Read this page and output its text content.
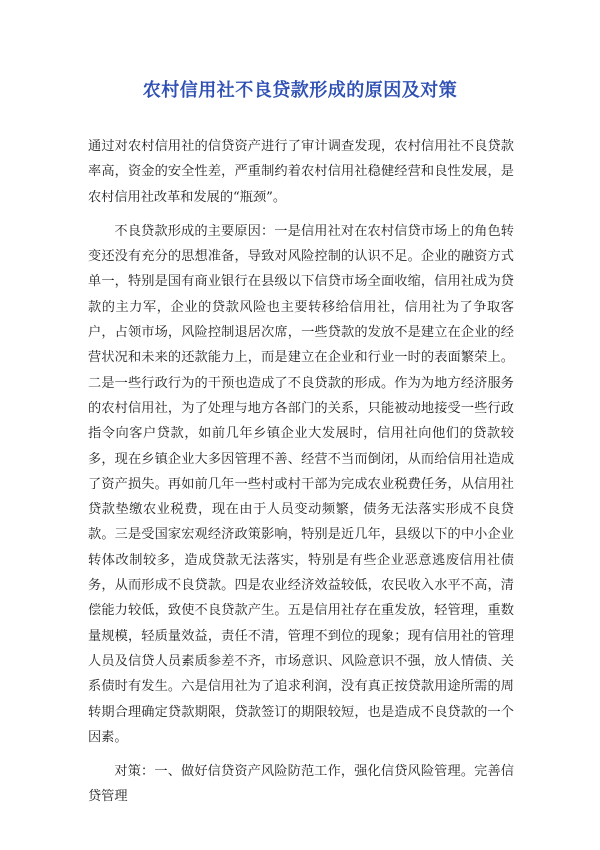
农村信用社不良贷款形成的原因及对策

通过对农村信用社的信贷资产进行了审计调查发现，农村信用社不良贷款率高，资金的安全性差，严重制约着农村信用社稳健经营和良性发展，是农村信用社改革和发展的“瓶颈”。

不良贷款形成的主要原因：一是信用社对在农村信贷市场上的角色转变还没有充分的思想准备，导致对风险控制的认识不足。企业的融资方式单一，特别是国有商业银行在县级以下信贷市场全面收缩，信用社成为贷款的主力军，企业的贷款风险也主要转移给信用社，信用社为了争取客户，占领市场，风险控制退居次席，一些贷款的发放不是建立在企业的经营状况和未来的还款能力上，而是建立在企业和行业一时的表面繁荣上。二是一些行政行为的干预也造成了不良贷款的形成。作为为地方经济服务的农村信用社，为了处理与地方各部门的关系，只能被动地接受一些行政指令向客户贷款，如前几年乡镇企业大发展时，信用社向他们的贷款较多，现在乡镇企业大多因管理不善、经营不当而倒闭，从而给信用社造成了资产损失。再如前几年一些村或村干部为完成农业税费任务，从信用社贷款垫缴农业税费，现在由于人员变动频繁，债务无法落实形成不良贷款。三是受国家宏观经济政策影响，特别是近几年，县级以下的中小企业转体改制较多，造成贷款无法落实，特别是有些企业恶意逃废信用社债务，从而形成不良贷款。四是农业经济效益较低，农民收入水平不高，清偿能力较低，致使不良贷款产生。五是信用社存在重发放，轻管理，重数量规模，轻质量效益，责任不清，管理不到位的现象；现有信用社的管理人员及信贷人员素质参差不齐，市场意识、风险意识不强，放人情债、关系债时有发生。六是信用社为了追求利润，没有真正按贷款用途所需的周转期合理确定贷款期限，贷款签订的期限较短，也是造成不良贷款的一个因素。

对策：一、做好信贷资产风险防范工作，强化信贷风险管理。完善信贷管理
